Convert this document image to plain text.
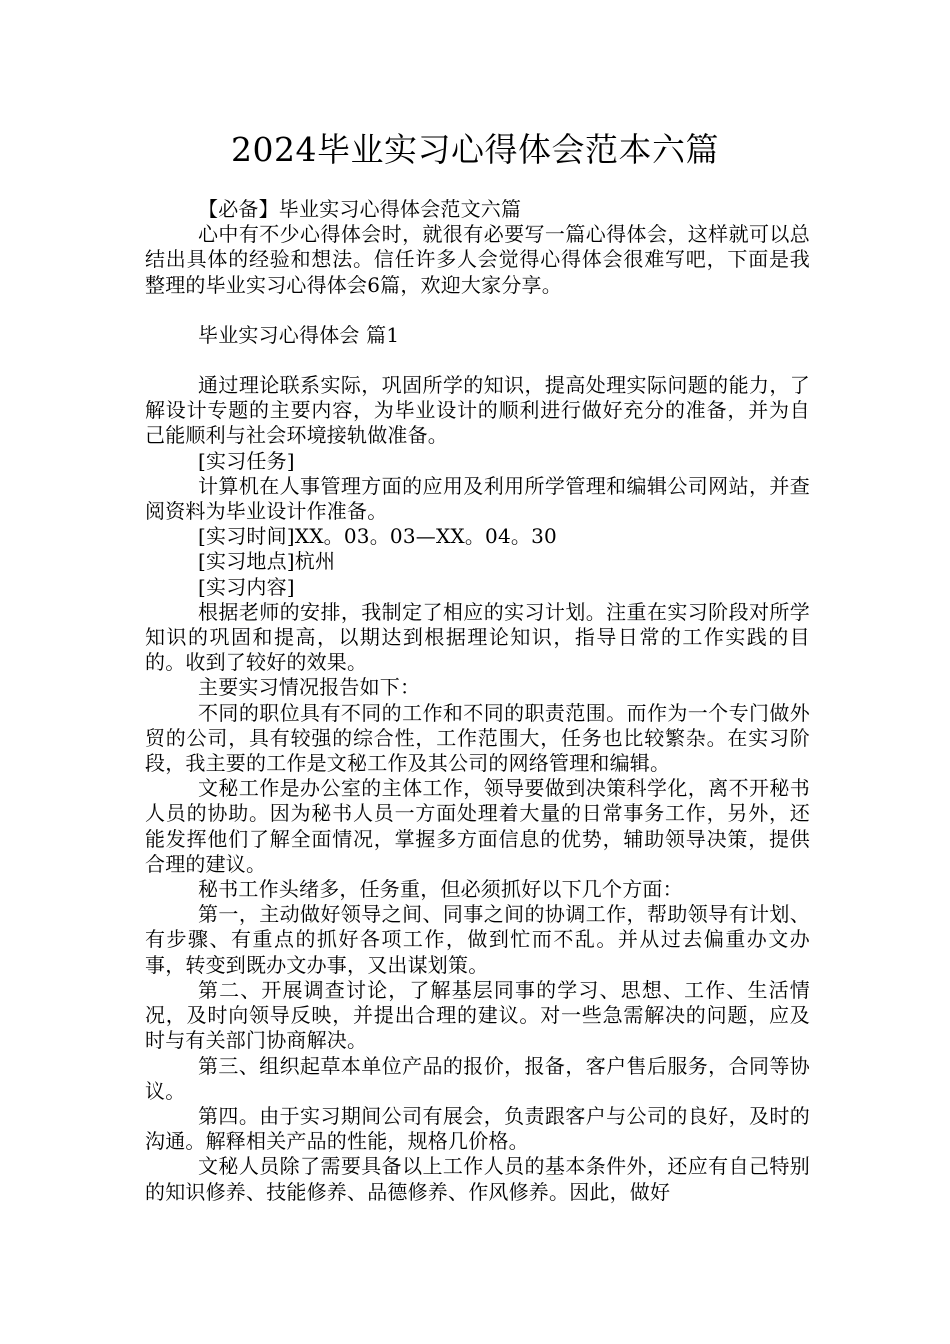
2024毕业实习心得体会范本六篇

【必备】毕业实习心得体会范文六篇

心中有不少心得体会时，就很有必要写一篇心得体会，这样就可以总结出具体的经验和想法。信任许多人会觉得心得体会很难写吧，下面是我整理的毕业实习心得体会6篇，欢迎大家分享。

毕业实习心得体会 篇1

通过理论联系实际，巩固所学的知识，提高处理实际问题的能力，了解设计专题的主要内容，为毕业设计的顺利进行做好充分的准备，并为自己能顺利与社会环境接轨做准备。

[实习任务]

计算机在人事管理方面的应用及利用所学管理和编辑公司网站，并查阅资料为毕业设计作准备。

[实习时间]XX。03。03—XX。04。30

[实习地点]杭州

[实习内容]

根据老师的安排，我制定了相应的实习计划。注重在实习阶段对所学知识的巩固和提高，以期达到根据理论知识，指导日常的工作实践的目的。收到了较好的效果。

主要实习情况报告如下：

不同的职位具有不同的工作和不同的职责范围。而作为一个专门做外贸的公司，具有较强的综合性，工作范围大，任务也比较繁杂。在实习阶段，我主要的工作是文秘工作及其公司的网络管理和编辑。

文秘工作是办公室的主体工作，领导要做到决策科学化，离不开秘书人员的协助。因为秘书人员一方面处理着大量的日常事务工作，另外，还能发挥他们了解全面情况，掌握多方面信息的优势，辅助领导决策，提供合理的建议。

秘书工作头绪多，任务重，但必须抓好以下几个方面：

第一，主动做好领导之间、同事之间的协调工作，帮助领导有计划、有步骤、有重点的抓好各项工作，做到忙而不乱。并从过去偏重办文办事，转变到既办文办事，又出谋划策。

第二、开展调查讨论，了解基层同事的学习、思想、工作、生活情况，及时向领导反映，并提出合理的建议。对一些急需解决的问题，应及时与有关部门协商解决。

第三、组织起草本单位产品的报价，报备，客户售后服务，合同等协议。

第四。由于实习期间公司有展会，负责跟客户与公司的良好，及时的沟通。解释相关产品的性能，规格几价格。

文秘人员除了需要具备以上工作人员的基本条件外，还应有自己特别的知识修养、技能修养、品德修养、作风修养。因此，做好
